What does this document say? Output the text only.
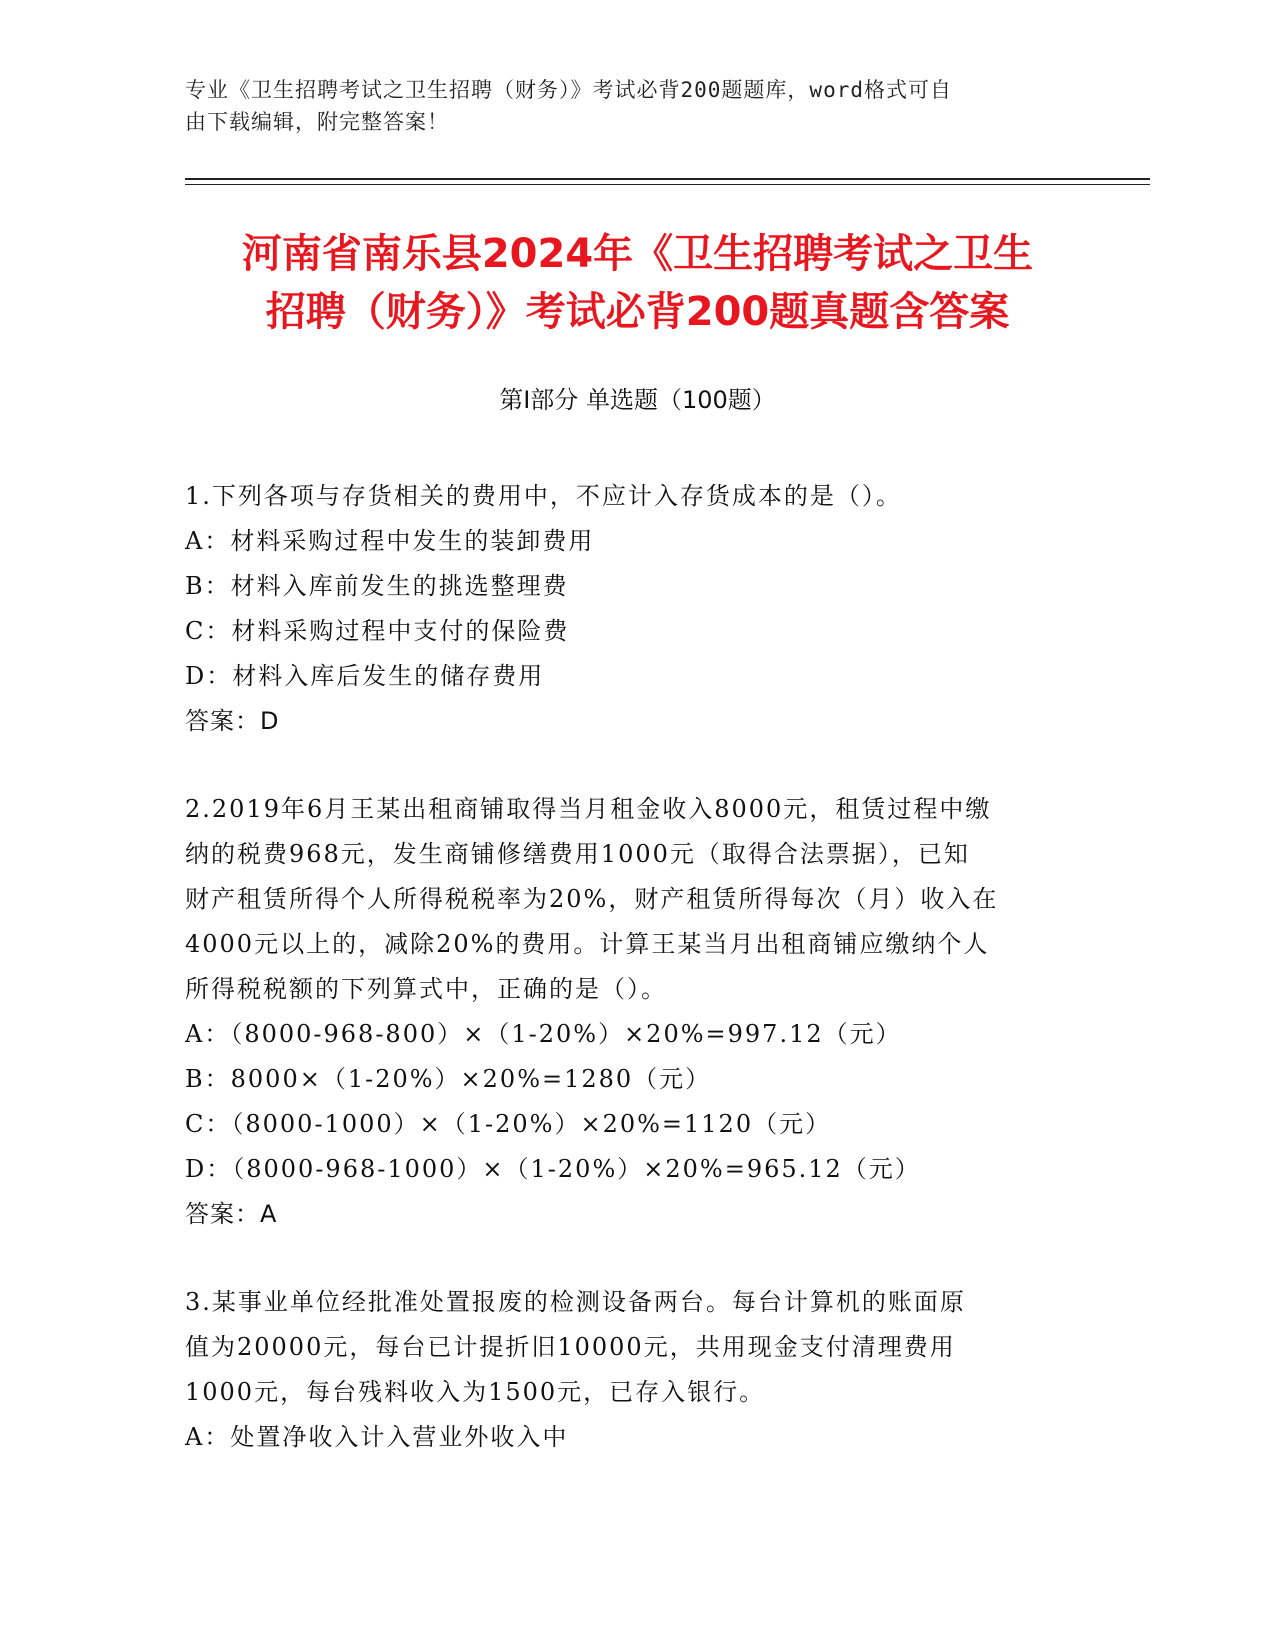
专业《卫生招聘考试之卫生招聘（财务）》考试必背200题题库，word格式可自
由下载编辑，附完整答案！
河南省南乐县2024年《卫生招聘考试之卫生
招聘（财务）》考试必背200题真题含答案
第Ⅰ部分 单选题（100题）
1.下列各项与存货相关的费用中，不应计入存货成本的是（）。
A：材料采购过程中发生的装卸费用
B：材料入库前发生的挑选整理费
C：材料采购过程中支付的保险费
D：材料入库后发生的储存费用
答案：D
2.2019年6月王某出租商铺取得当月租金收入8000元，租赁过程中缴
纳的税费968元，发生商铺修缮费用1000元（取得合法票据），已知
财产租赁所得个人所得税税率为20%，财产租赁所得每次（月）收入在
4000元以上的，减除20%的费用。计算王某当月出租商铺应缴纳个人
所得税税额的下列算式中，正确的是（）。
A：（8000-968-800）×（1-20%）×20%=997.12（元）
B：8000×（1-20%）×20%=1280（元）
C：（8000-1000）×（1-20%）×20%=1120（元）
D：（8000-968-1000）×（1-20%）×20%=965.12（元）
答案：A
3.某事业单位经批准处置报废的检测设备两台。每台计算机的账面原
值为20000元，每台已计提折旧10000元，共用现金支付清理费用
1000元，每台残料收入为1500元，已存入银行。
A：处置净收入计入营业外收入中
